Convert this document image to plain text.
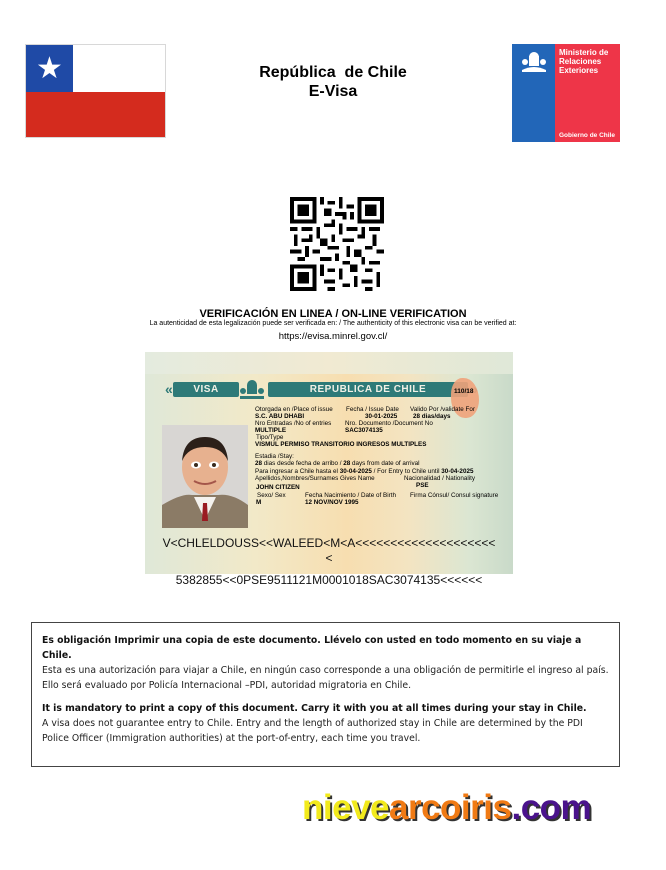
★	República  de Chile
E-Visa
Ministerio de
Relaciones
Exteriores
Gobierno de Chile
VERIFICACIÓN EN LINEA / ON-LINE VERIFICATION
La autenticidad de esta legalización puede ser verificada en: / The authenticity of this electronic visa can be verified at:
https://evisa.minrel.gov.cl/
«	VISA	REPUBLICA DE CHILE	110/18
Otorgada en /Place of issue Fecha / Issue Date Valido Por /validate For
S.C. ABU DHABI	30-01-2025	28 dias/days
Nro Entradas /No of entries Nro. Documento /Document No
MULTIPLE	SAC3074135
Tipo/Type
VISMUL PERMISO TRANSITORIO INGRESOS MULTIPLES
Estadia /Stay:
28 dias desde fecha de arribo / 28 days from date of arrival
Para ingresar a Chile hasta el 30-04-2025 / For Entry to Chile until 30-04-2025
Apellidos,Nombres/Surnames Gives Name	Nacionalidad / Nationality
JOHN CITIZEN	PSE
Sexo/ Sex	Fecha Nacimiento / Date of Birth Firma Cónsul/ Consul signature
M	12 NOV/NOV 1995
V<CHLELDOUSS<<WALEED<M<A<<<<<<<<<<<<<<<<<<<<
<
5382855<<0PSE9511121M0001018SAC3074135<<<<<<
Es obligación Imprimir una copia de este documento. Llévelo con usted en todo momento en su viaje a Chile.
Esta es una autorización para viajar a Chile, en ningún caso corresponde a una obligación de permitirle el ingreso al país. Ello será evaluado por Policía Internacional –PDI, autoridad migratoria en Chile.
It is mandatory to print a copy of this document. Carry it with you at all times during your stay in Chile.
A visa does not guarantee entry to Chile. Entry and the length of authorized stay in Chile are determined by the PDI Police Officer (Immigration authorities) at the port-of-entry, each time you travel.
nievearcoiris.com
